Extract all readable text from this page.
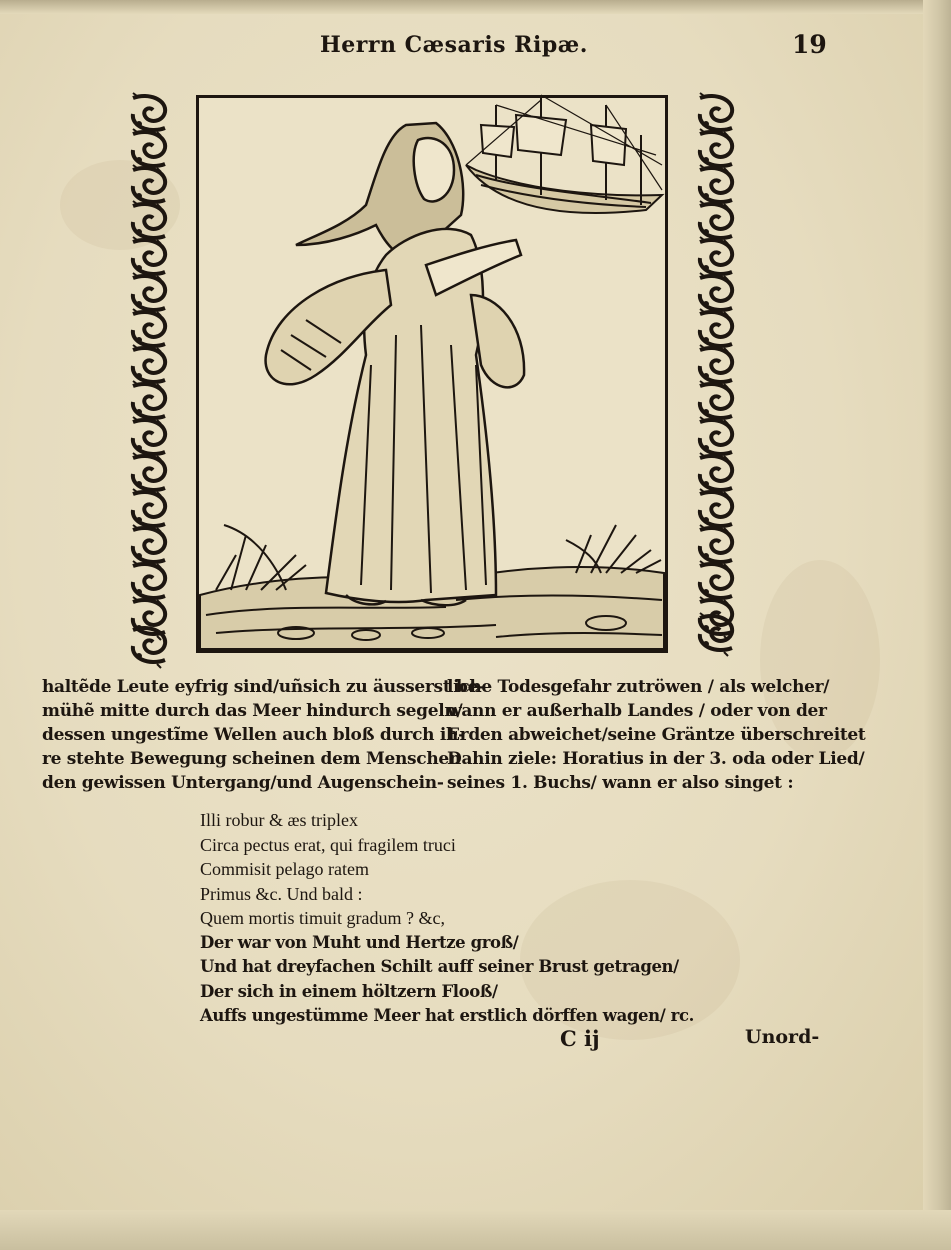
Herrn Cæsaris Ripæ.	19
haltẽde Leute eyfrig sind/uñsich zu äusserst be-
mühẽ mitte durch das Meer hindurch segeln/
dessen ungestĩme Wellen auch bloß durch ih-
re stehte Bewegung scheinen dem Menschen
den gewissen Untergang/und Augenschein-
liche Todesgefahr zutröwen / als welcher/
wann er außerhalb Landes / oder von der
Erden abweichet/seine Gräntze überschreitet
Dahin ziele: Horatius in der 3. oda oder Lied/
seines 1. Buchs/ wann er also singet :
Illi robur & æs triplex
Circa pectus erat, qui fragilem truci
Commisit pelago ratem
Primus &c. Und bald :
Quem mortis timuit gradum ? &c,
Der war von Muht und Hertze groß/
Und hat dreyfachen Schilt auff seiner Brust getragen/
Der sich in einem höltzern Flooß/
Auffs ungestümme Meer hat erstlich dörffen wagen/ rc.
C ij	Unord-
